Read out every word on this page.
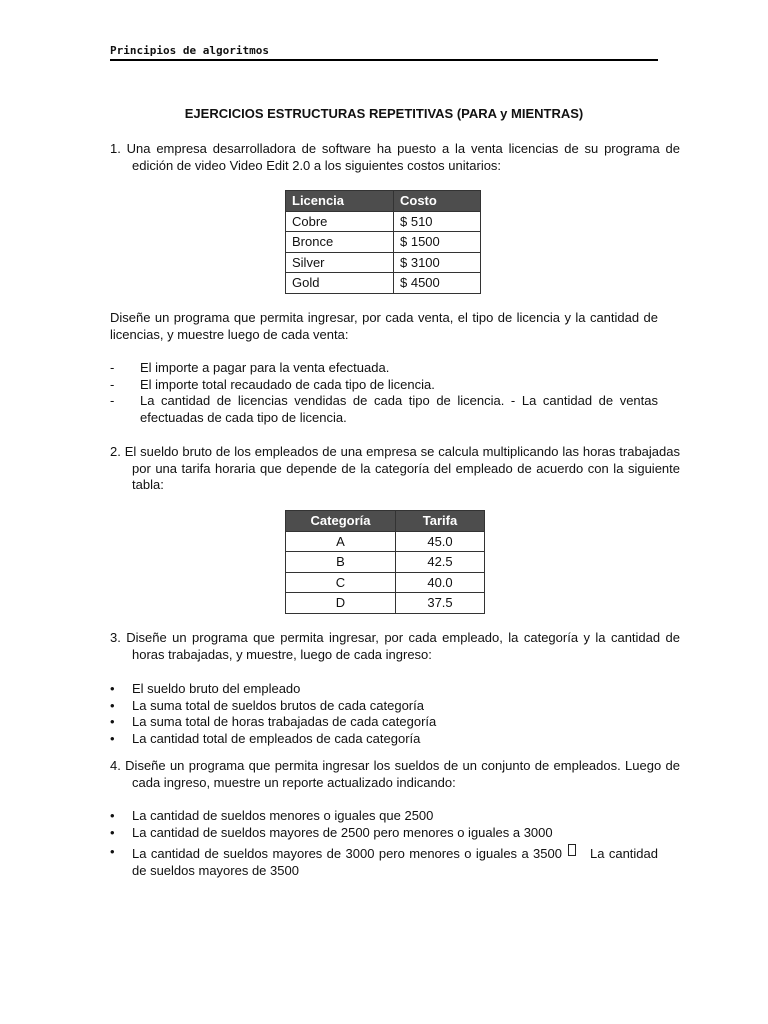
Principios de algoritmos
EJERCICIOS ESTRUCTURAS REPETITIVAS (PARA y MIENTRAS)
1. Una empresa desarrolladora de software ha puesto a la venta licencias de su programa de edición de video Video Edit 2.0 a los siguientes costos unitarios:
Licencia	Costo
Cobre	$ 510
Bronce	$ 1500
Silver	$ 3100
Gold	$ 4500
Diseñe un programa que permita ingresar, por cada venta, el tipo de licencia y la cantidad de licencias, y muestre luego de cada venta:
- El importe a pagar para la venta efectuada.
- El importe total recaudado de cada tipo de licencia.
- La cantidad de licencias vendidas de cada tipo de licencia. - La cantidad de ventas efectuadas de cada tipo de licencia.
2. El sueldo bruto de los empleados de una empresa se calcula multiplicando las horas trabajadas por una tarifa horaria que depende de la categoría del empleado de acuerdo con la siguiente tabla:
Categoría	Tarifa
A	45.0
B	42.5
C	40.0
D	37.5
3. Diseñe un programa que permita ingresar, por cada empleado, la categoría y la cantidad de horas trabajadas, y muestre, luego de cada ingreso:
• El sueldo bruto del empleado
• La suma total de sueldos brutos de cada categoría
• La suma total de horas trabajadas de cada categoría
• La cantidad total de empleados de cada categoría
4. Diseñe un programa que permita ingresar los sueldos de un conjunto de empleados. Luego de cada ingreso, muestre un reporte actualizado indicando:
• La cantidad de sueldos menores o iguales que 2500
• La cantidad de sueldos mayores de 2500 pero menores o iguales a 3000
• La cantidad de sueldos mayores de 3000 pero menores o iguales a 3500 La cantidad de sueldos mayores de 3500
